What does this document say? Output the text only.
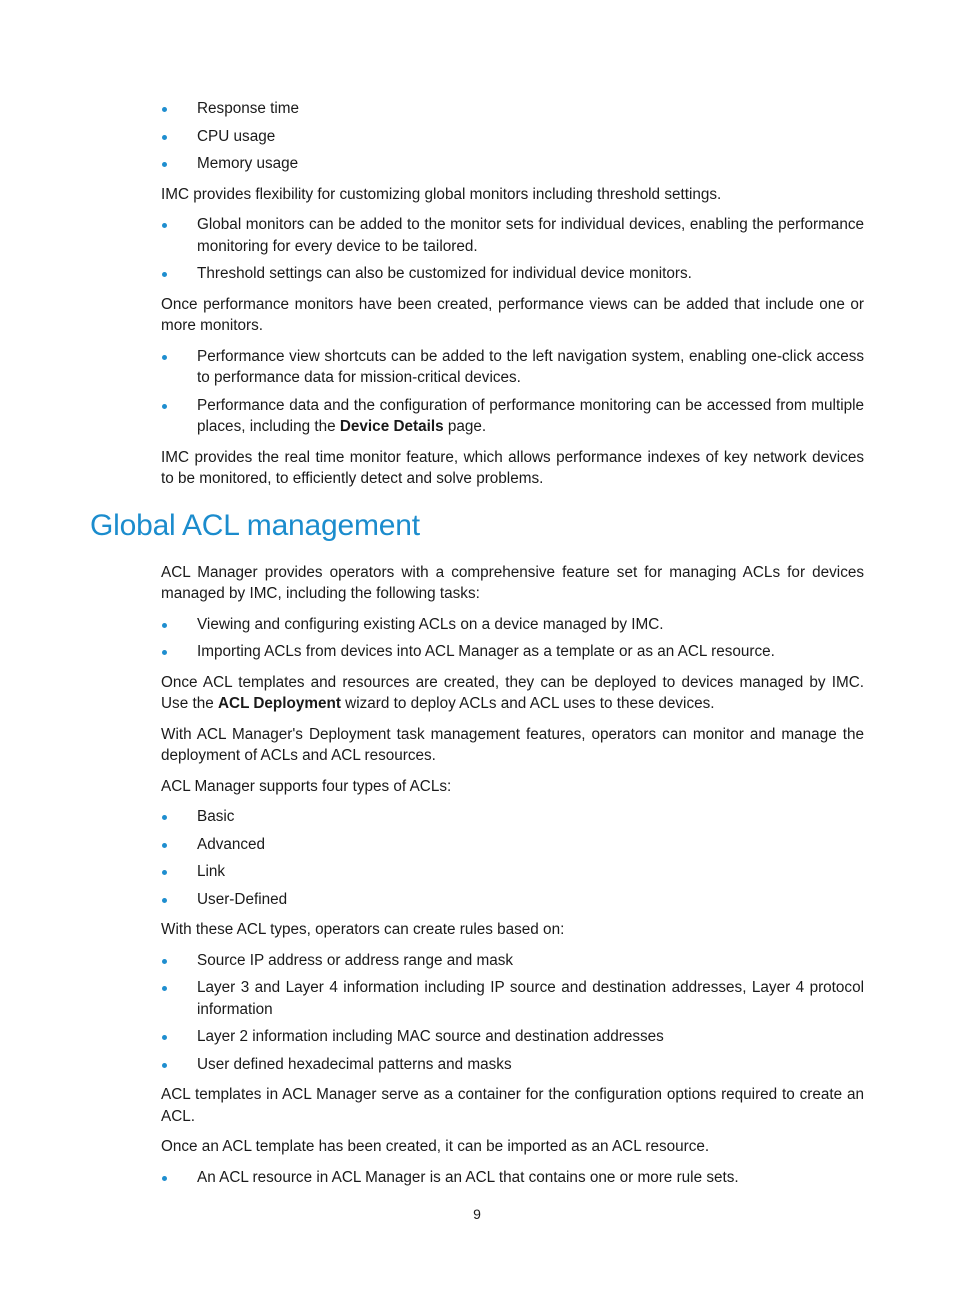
Response time
CPU usage
Memory usage

IMC provides flexibility for customizing global monitors including threshold settings.

Global monitors can be added to the monitor sets for individual devices, enabling the performance monitoring for every device to be tailored.
Threshold settings can also be customized for individual device monitors.

Once performance monitors have been created, performance views can be added that include one or more monitors.

Performance view shortcuts can be added to the left navigation system, enabling one-click access to performance data for mission-critical devices.
Performance data and the configuration of performance monitoring can be accessed from multiple places, including the Device Details page.

IMC provides the real time monitor feature, which allows performance indexes of key network devices to be monitored, to efficiently detect and solve problems.

Global ACL management

ACL Manager provides operators with a comprehensive feature set for managing ACLs for devices managed by IMC, including the following tasks:

Viewing and configuring existing ACLs on a device managed by IMC.
Importing ACLs from devices into ACL Manager as a template or as an ACL resource.

Once ACL templates and resources are created, they can be deployed to devices managed by IMC. Use the ACL Deployment wizard to deploy ACLs and ACL uses to these devices.

With ACL Manager's Deployment task management features, operators can monitor and manage the deployment of ACLs and ACL resources.

ACL Manager supports four types of ACLs:

Basic
Advanced
Link
User-Defined

With these ACL types, operators can create rules based on:

Source IP address or address range and mask
Layer 3 and Layer 4 information including IP source and destination addresses, Layer 4 protocol information
Layer 2 information including MAC source and destination addresses
User defined hexadecimal patterns and masks

ACL templates in ACL Manager serve as a container for the configuration options required to create an ACL.

Once an ACL template has been created, it can be imported as an ACL resource.

An ACL resource in ACL Manager is an ACL that contains one or more rule sets.
9
